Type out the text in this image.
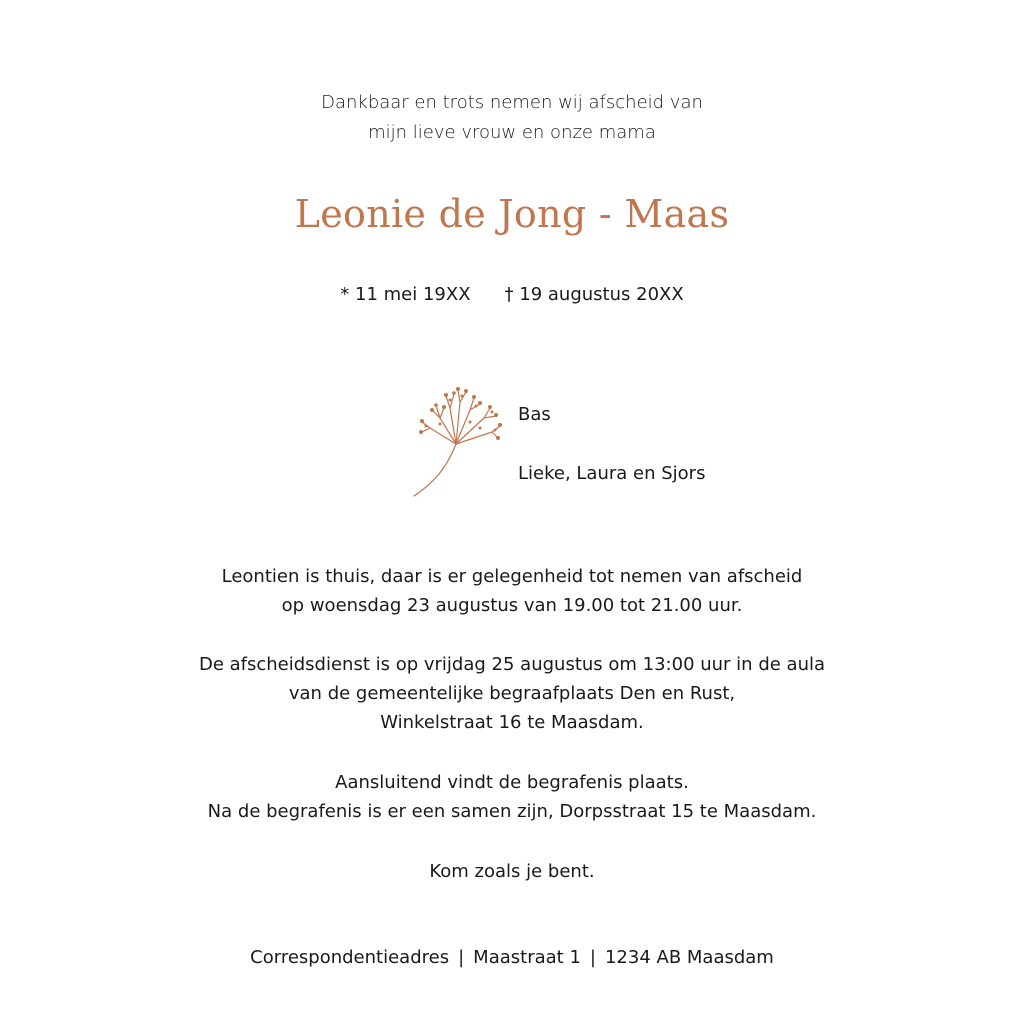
Dankbaar en trots nemen wij afscheid van
mijn lieve vrouw en onze mama
Leonie de Jong - Maas
* 11 mei 19XX † 19 augustus 20XX
Bas
Lieke, Laura en Sjors
Leontien is thuis, daar is er gelegenheid tot nemen van afscheid
op woensdag 23 augustus van 19.00 tot 21.00 uur.
De afscheidsdienst is op vrijdag 25 augustus om 13:00 uur in de aula
van de gemeentelijke begraafplaats Den en Rust,
Winkelstraat 16 te Maasdam.
Aansluitend vindt de begrafenis plaats.
Na de begrafenis is er een samen zijn, Dorpsstraat 15 te Maasdam.
Kom zoals je bent.
Correspondentieadres | Maastraat 1 | 1234 AB Maasdam
